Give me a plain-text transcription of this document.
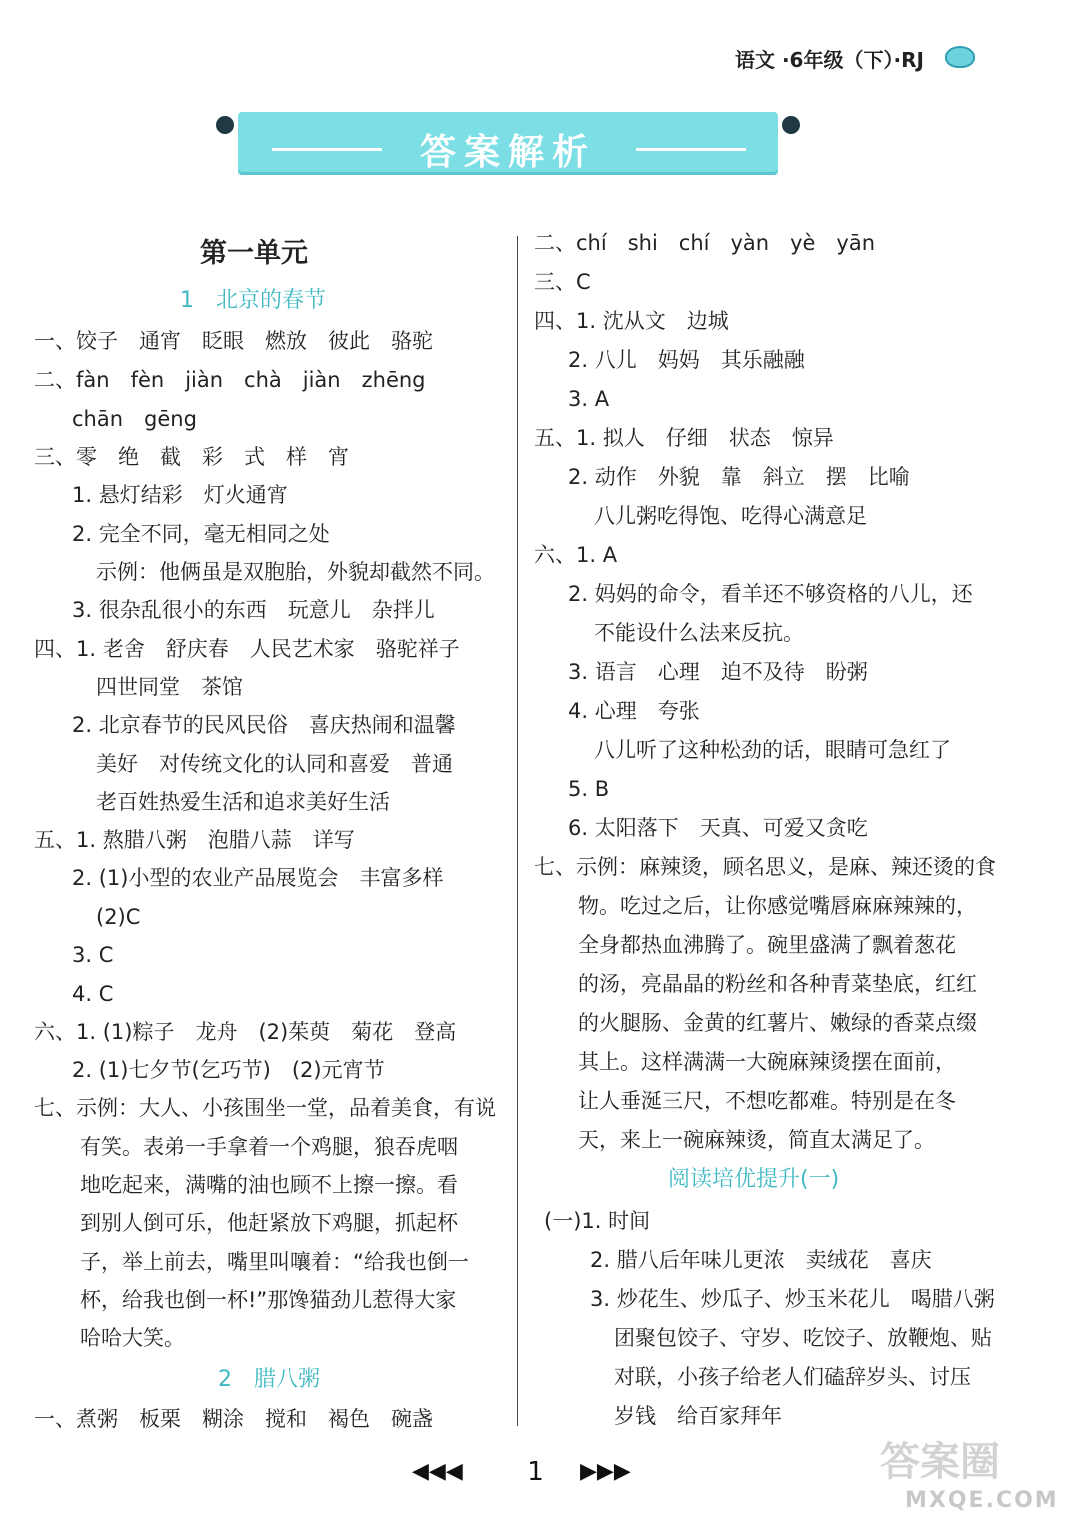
语文 ·6年级（下）·RJ
答案解析
第一单元
1　北京的春节
一、饺子　通宵　眨眼　燃放　彼此　骆驼
二、fàn　fèn　jiàn　chà　jiàn　zhēng
chān　gēng
三、零　绝　截　彩　式　样　宵
1. 悬灯结彩　灯火通宵
2. 完全不同，毫无相同之处
示例：他俩虽是双胞胎，外貌却截然不同。
3. 很杂乱很小的东西　玩意儿　杂拌儿
四、1. 老舍　舒庆春　人民艺术家　骆驼祥子
四世同堂　茶馆
2. 北京春节的民风民俗　喜庆热闹和温馨
美好　对传统文化的认同和喜爱　普通
老百姓热爱生活和追求美好生活
五、1. 熬腊八粥　泡腊八蒜　详写
2. (1)小型的农业产品展览会　丰富多样
(2)C
3. C
4. C
六、1. (1)粽子　龙舟　(2)茱萸　菊花　登高
2. (1)七夕节(乞巧节)　(2)元宵节
七、示例：大人、小孩围坐一堂，品着美食，有说
有笑。表弟一手拿着一个鸡腿，狼吞虎咽
地吃起来，满嘴的油也顾不上擦一擦。看
到别人倒可乐，他赶紧放下鸡腿，抓起杯
子，举上前去，嘴里叫嚷着：“给我也倒一
杯，给我也倒一杯!”那馋猫劲儿惹得大家
哈哈大笑。
2　腊八粥
一、煮粥　板栗　糊涂　搅和　褐色　碗盏
二、chí　shi　chí　yàn　yè　yān
三、C
四、1. 沈从文　边城
2. 八儿　妈妈　其乐融融
3. A
五、1. 拟人　仔细　状态　惊异
2. 动作　外貌　靠　斜立　摆　比喻
八儿粥吃得饱、吃得心满意足
六、1. A
2. 妈妈的命令，看羊还不够资格的八儿，还
不能设什么法来反抗。
3. 语言　心理　迫不及待　盼粥
4. 心理　夸张
八儿听了这种松劲的话，眼睛可急红了
5. B
6. 太阳落下　天真、可爱又贪吃
七、示例：麻辣烫，顾名思义，是麻、辣还烫的食
物。吃过之后，让你感觉嘴唇麻麻辣辣的，
全身都热血沸腾了。碗里盛满了飘着葱花
的汤，亮晶晶的粉丝和各种青菜垫底，红红
的火腿肠、金黄的红薯片、嫩绿的香菜点缀
其上。这样满满一大碗麻辣烫摆在面前，
让人垂涎三尺，不想吃都难。特别是在冬
天，来上一碗麻辣烫，简直太满足了。
阅读培优提升(一)
(一)1. 时间
2. 腊八后年味儿更浓　卖绒花　喜庆
3. 炒花生、炒瓜子、炒玉米花儿　喝腊八粥
团聚包饺子、守岁、吃饺子、放鞭炮、贴
对联，小孩子给老人们磕辞岁头、讨压
岁钱　给百家拜年
◀◀◀	1	▶▶▶	答案圈
MXQE.COM
